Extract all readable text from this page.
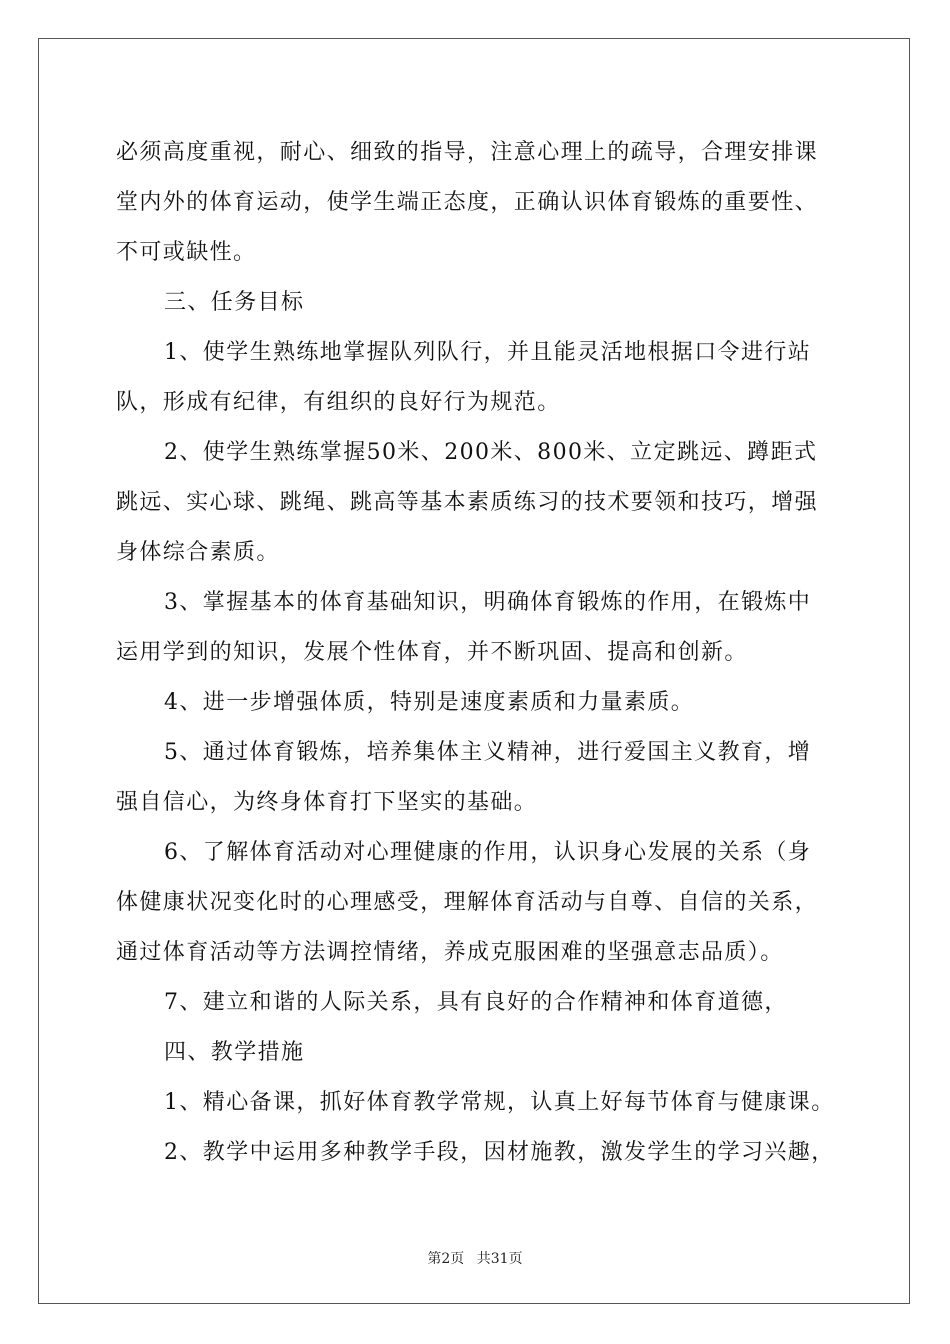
必须高度重视，耐心、细致的指导，注意心理上的疏导，合理安排课

堂内外的体育运动，使学生端正态度，正确认识体育锻炼的重要性、

不可或缺性。

三、任务目标

1、使学生熟练地掌握队列队行，并且能灵活地根据口令进行站

队，形成有纪律，有组织的良好行为规范。

2、使学生熟练掌握50米、200米、800米、立定跳远、蹲距式

跳远、实心球、跳绳、跳高等基本素质练习的技术要领和技巧，增强

身体综合素质。

3、掌握基本的体育基础知识，明确体育锻炼的作用，在锻炼中

运用学到的知识，发展个性体育，并不断巩固、提高和创新。

4、进一步增强体质，特别是速度素质和力量素质。

5、通过体育锻炼，培养集体主义精神，进行爱国主义教育，增

强自信心，为终身体育打下坚实的基础。

6、了解体育活动对心理健康的作用，认识身心发展的关系（身

体健康状况变化时的心理感受，理解体育活动与自尊、自信的关系，

通过体育活动等方法调控情绪，养成克服困难的坚强意志品质）。

7、建立和谐的人际关系，具有良好的合作精神和体育道德，

四、教学措施

1、精心备课，抓好体育教学常规，认真上好每节体育与健康课。

2、教学中运用多种教学手段，因材施教，激发学生的学习兴趣，

第2页 共31页
